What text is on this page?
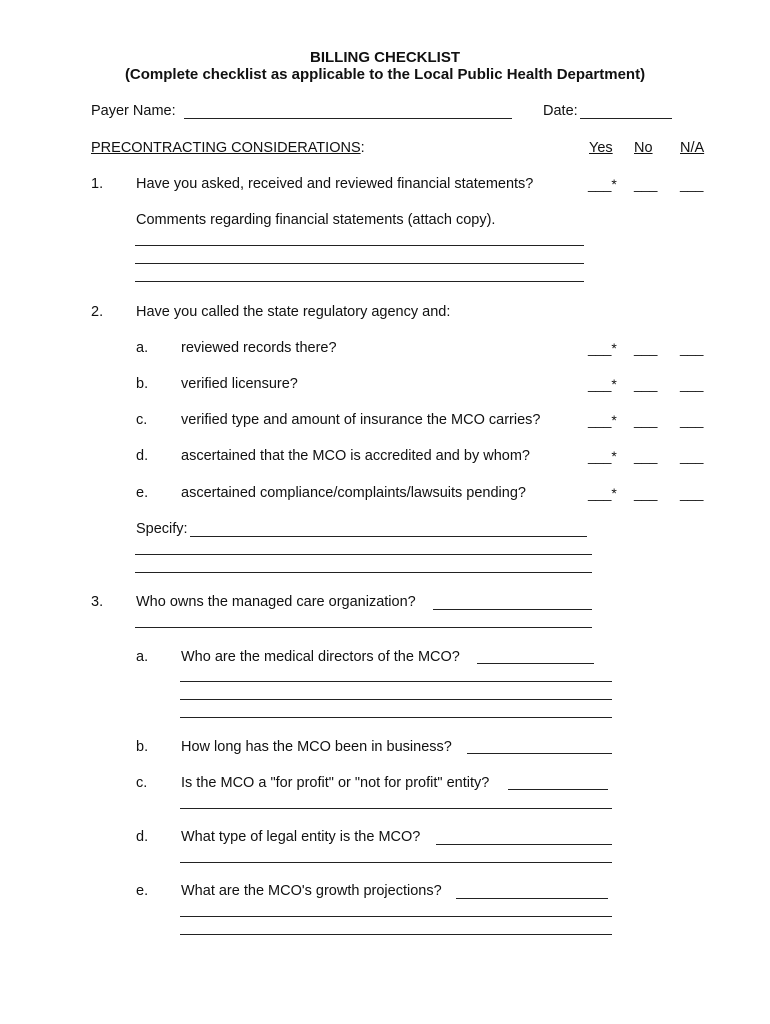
BILLING CHECKLIST
(Complete checklist as applicable to the Local Public Health Department)
Payer Name:	Date:
PRECONTRACTING CONSIDERATIONS:	Yes No N/A
1. Have you asked, received and reviewed financial statements?	___* ___ ___
Comments regarding financial statements (attach copy).
2. Have you called the state regulatory agency and:
a. reviewed records there?	___* ___ ___
b. verified licensure?	___* ___ ___
c. verified type and amount of insurance the MCO carries?	___* ___ ___
d. ascertained that the MCO is accredited and by whom?	___* ___ ___
e. ascertained compliance/complaints/lawsuits pending?	___* ___ ___
Specify:
3. Who owns the managed care organization?
a. Who are the medical directors of the MCO?
b. How long has the MCO been in business?
c. Is the MCO a "for profit" or "not for profit" entity?
d. What type of legal entity is the MCO?
e. What are the MCO's growth projections?
